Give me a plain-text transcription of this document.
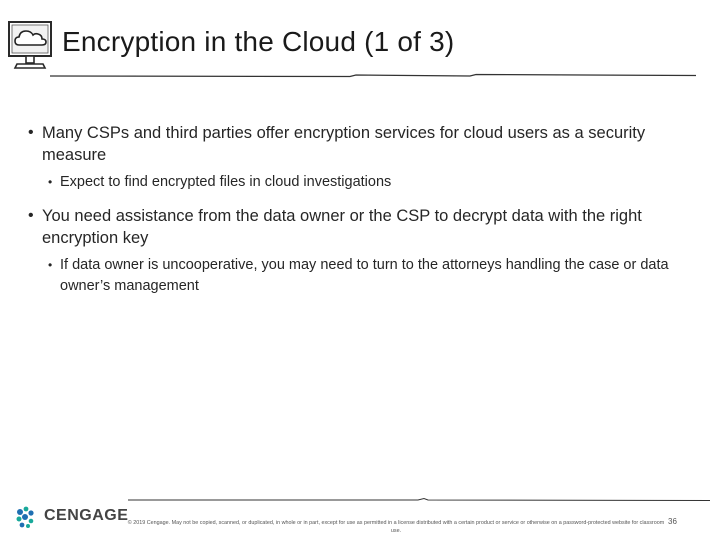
Encryption in the Cloud (1 of 3)
• Many CSPs and third parties offer encryption services for cloud users as a security measure
• Expect to find encrypted files in cloud investigations
• You need assistance from the data owner or the CSP to decrypt data with the right encryption key
• If data owner is uncooperative, you may need to turn to the attorneys handling the case or data owner’s management
CENGAGE © 2019 Cengage. May not be copied, scanned, or duplicated, in whole or in part, except for use as permitted in a license distributed with a certain product or service or otherwise on a password-protected website for classroom use.
36
